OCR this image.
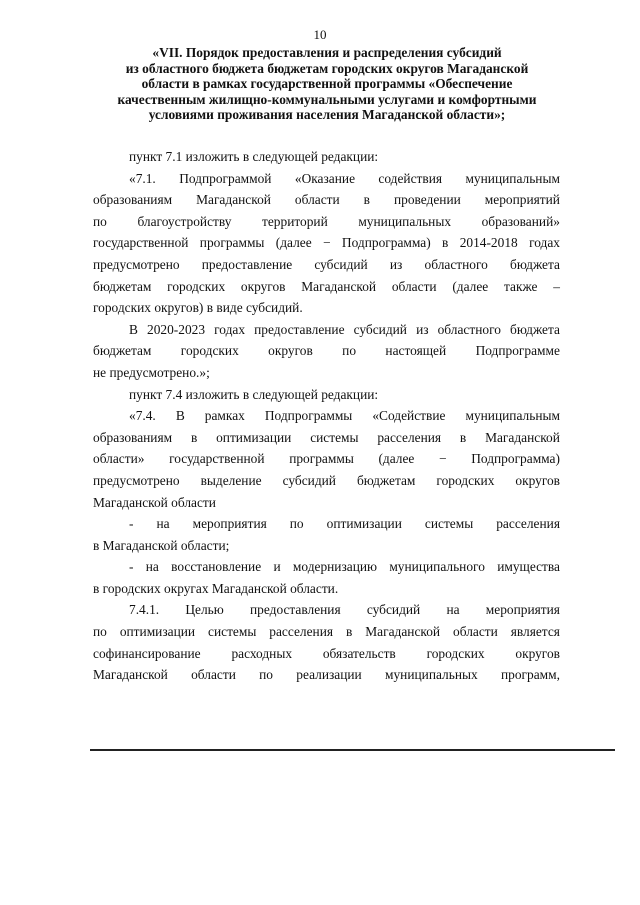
10
«VII. Порядок предоставления и распределения субсидий
из областного бюджета бюджетам городских округов Магаданской
области в рамках государственной программы «Обеспечение
качественным жилищно-коммунальными услугами и комфортными
условиями проживания населения Магаданской области»;
пункт 7.1 изложить в следующей редакции:
«7.1. Подпрограммой «Оказание содействия муниципальным
образованиям Магаданской области в проведении мероприятий
по благоустройству территорий муниципальных образований»
государственной программы (далее − Подпрограмма) в 2014-2018 годах
предусмотрено предоставление субсидий из областного бюджета
бюджетам городских округов Магаданской области (далее также –
городских округов) в виде субсидий.
В 2020-2023 годах предоставление субсидий из областного бюджета
бюджетам городских округов по настоящей Подпрограмме
не предусмотрено.»;
пункт 7.4 изложить в следующей редакции:
«7.4. В рамках Подпрограммы «Содействие муниципальным
образованиям в оптимизации системы расселения в Магаданской
области» государственной программы (далее − Подпрограмма)
предусмотрено выделение субсидий бюджетам городских округов
Магаданской области
- на мероприятия по оптимизации системы расселения
в Магаданской области;
- на восстановление и модернизацию муниципального имущества
в городских округах Магаданской области.
7.4.1. Целью предоставления субсидий на мероприятия
по оптимизации системы расселения в Магаданской области является
софинансирование расходных обязательств городских округов
Магаданской области по реализации муниципальных программ,
